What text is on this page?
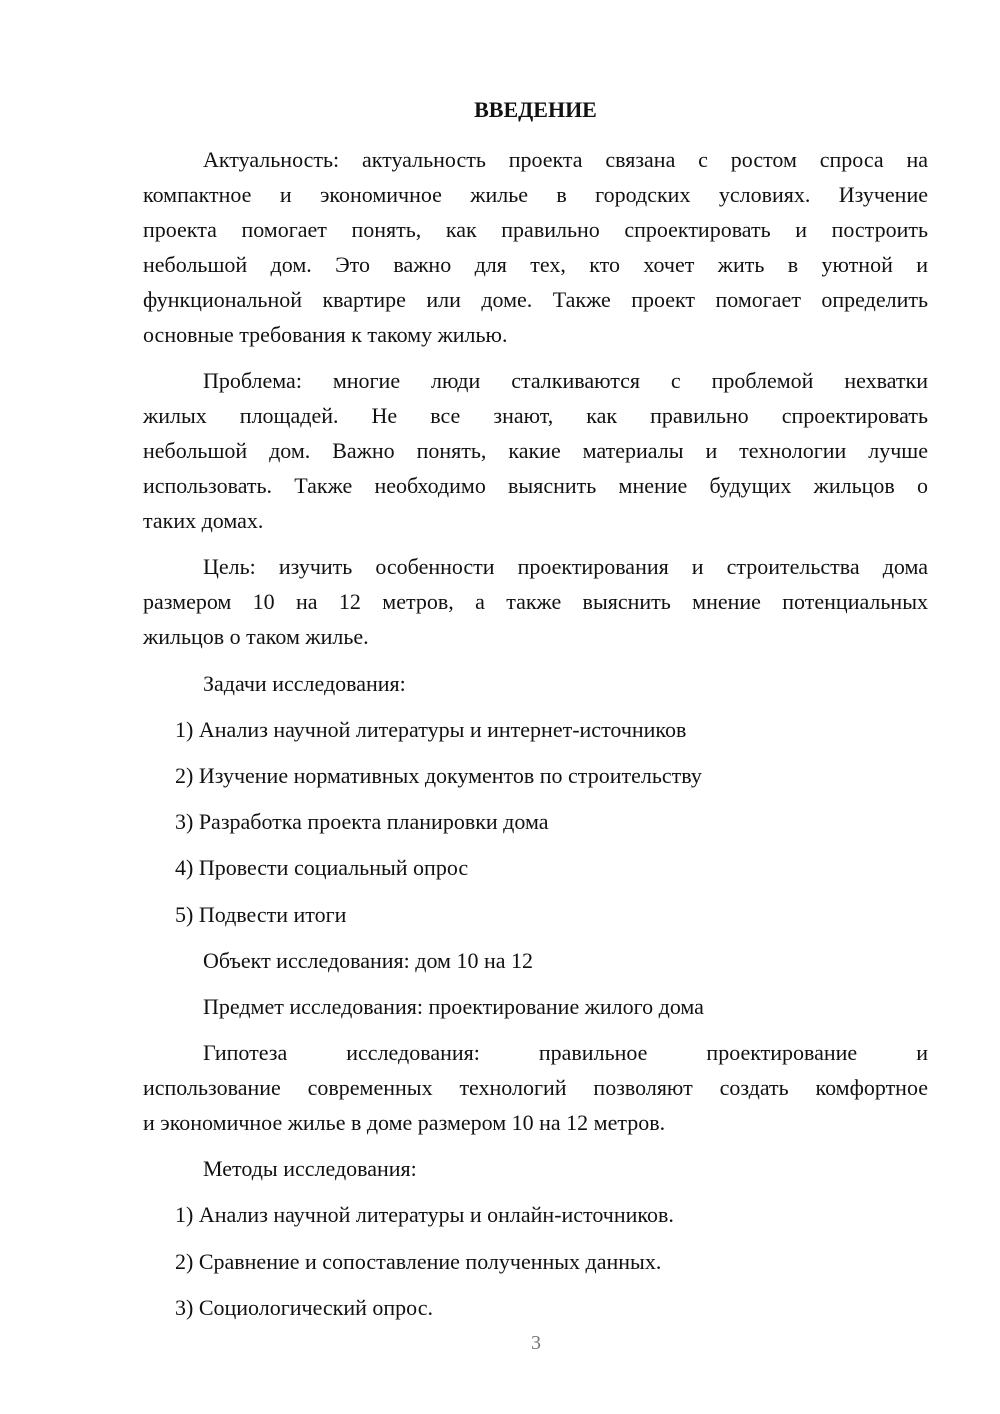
ВВЕДЕНИЕ
Актуальность: актуальность проекта связана с ростом спроса на
компактное и экономичное жилье в городских условиях. Изучение
проекта помогает понять, как правильно спроектировать и построить
небольшой дом. Это важно для тех, кто хочет жить в уютной и
функциональной квартире или доме. Также проект помогает определить
основные требования к такому жилью.
Проблема: многие люди сталкиваются с проблемой нехватки
жилых площадей. Не все знают, как правильно спроектировать
небольшой дом. Важно понять, какие материалы и технологии лучше
использовать. Также необходимо выяснить мнение будущих жильцов о
таких домах.
Цель: изучить особенности проектирования и строительства дома
размером 10 на 12 метров, а также выяснить мнение потенциальных
жильцов о таком жилье.
Задачи исследования:
1) Анализ научной литературы и интернет-источников
2) Изучение нормативных документов по строительству
3) Разработка проекта планировки дома
4) Провести социальный опрос
5) Подвести итоги
Объект исследования: дом 10 на 12
Предмет исследования: проектирование жилого дома
Гипотеза исследования: правильное проектирование и
использование современных технологий позволяют создать комфортное
и экономичное жилье в доме размером 10 на 12 метров.
Методы исследования:
1) Анализ научной литературы и онлайн-источников.
2) Сравнение и сопоставление полученных данных.
3) Социологический опрос.
3
